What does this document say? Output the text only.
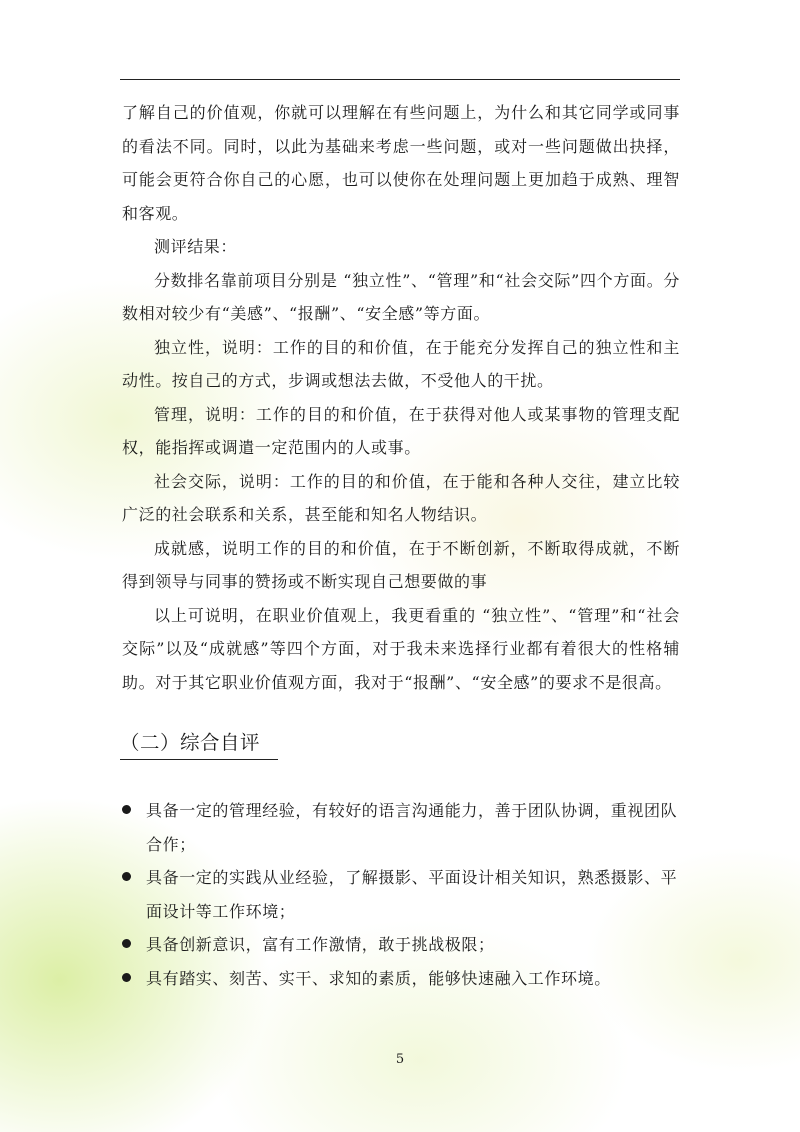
了解自己的价值观，你就可以理解在有些问题上，为什么和其它同学或同事的看法不同。同时，以此为基础来考虑一些问题，或对一些问题做出抉择，可能会更符合你自己的心愿，也可以使你在处理问题上更加趋于成熟、理智和客观。

测评结果：

分数排名靠前项目分别是 “独立性”、“管理”和“社会交际”四个方面。分数相对较少有“美感”、“报酬”、“安全感”等方面。

独立性，说明：工作的目的和价值，在于能充分发挥自己的独立性和主动性。按自己的方式，步调或想法去做，不受他人的干扰。

管理，说明：工作的目的和价值，在于获得对他人或某事物的管理支配权，能指挥或调遣一定范围内的人或事。

社会交际，说明：工作的目的和价值，在于能和各种人交往，建立比较广泛的社会联系和关系，甚至能和知名人物结识。

成就感，说明工作的目的和价值，在于不断创新，不断取得成就，不断得到领导与同事的赞扬或不断实现自己想要做的事

以上可说明，在职业价值观上，我更看重的 “独立性”、“管理”和“社会交际”以及“成就感”等四个方面，对于我未来选择行业都有着很大的性格辅助。对于其它职业价值观方面，我对于“报酬”、“安全感”的要求不是很高。

（二）综合自评
具备一定的管理经验，有较好的语言沟通能力，善于团队协调，重视团队合作；
具备一定的实践从业经验，了解摄影、平面设计相关知识，熟悉摄影、平面设计等工作环境；
具备创新意识，富有工作激情，敢于挑战极限；
具有踏实、刻苦、实干、求知的素质，能够快速融入工作环境。
5
